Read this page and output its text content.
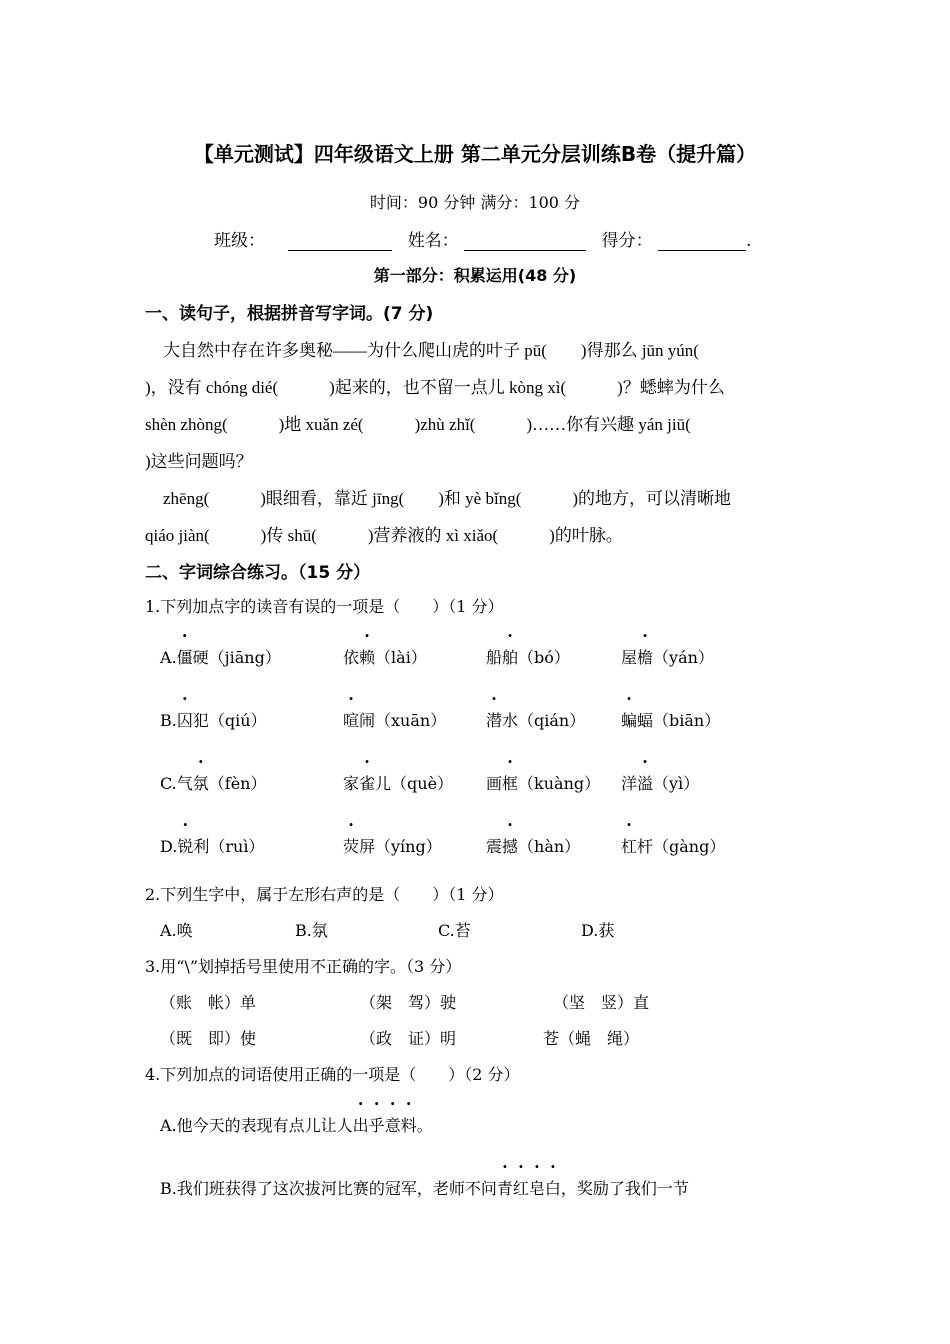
【单元测试】四年级语文上册 第二单元分层训练B卷（提升篇）
时间：90 分钟 满分：100 分
班级：	姓名：	得分：	.
第一部分：积累运用(48 分)
一、读句子，根据拼音写字词。(7 分)
大自然中存在许多奥秘——为什么爬山虎的叶子 pū(　　)得那么 jūn yún(
)，没有 chóng dié(　　　)起来的，也不留一点儿 kòng xì(　　　)？蟋蟀为什么
shèn zhòng(　　　)地 xuǎn zé(　　　)zhù zhǐ(　　　)……你有兴趣 yán jiū(
)这些问题吗？
zhēng(　　　)眼细看，靠近 jīng(　　)和 yè bǐng(　　　)的地方，可以清晰地
qiáo jiàn(　　　)传 shū(　　　)营养液的 xì xiǎo(　　　)的叶脉。
二、字词综合练习。（15 分）
1.下列加点字的读音有误的一项是（　　）（1 分）
A.僵硬（jiāng）	依赖（lài）	船舶（bó）	屋檐（yán）
B.囚犯（qiú）	喧闹（xuān） 潜水（qián） 蝙蝠（biān）
C.气氛（fèn）	家雀儿（què） 画框（kuàng） 洋溢（yì）
D.锐利（ruì）	荧屏（yíng）	震撼（hàn）	杠杆（gàng）
2.下列生字中，属于左形右声的是（　　）（1 分）
A.唤	B.氛	C.苔	D.获
3.用“\”划掉括号里使用不正确的字。（3 分）
（账　帐）单	（架　驾）驶	（坚　竖）直
（既　即）使	（政　证）明	苍（蝇　绳）
4.下列加点的词语使用正确的一项是（　　）（2 分）
A.他今天的表现有点儿让人出乎意料。
B.我们班获得了这次拔河比赛的冠军，老师不问青红皂白，奖励了我们一节
